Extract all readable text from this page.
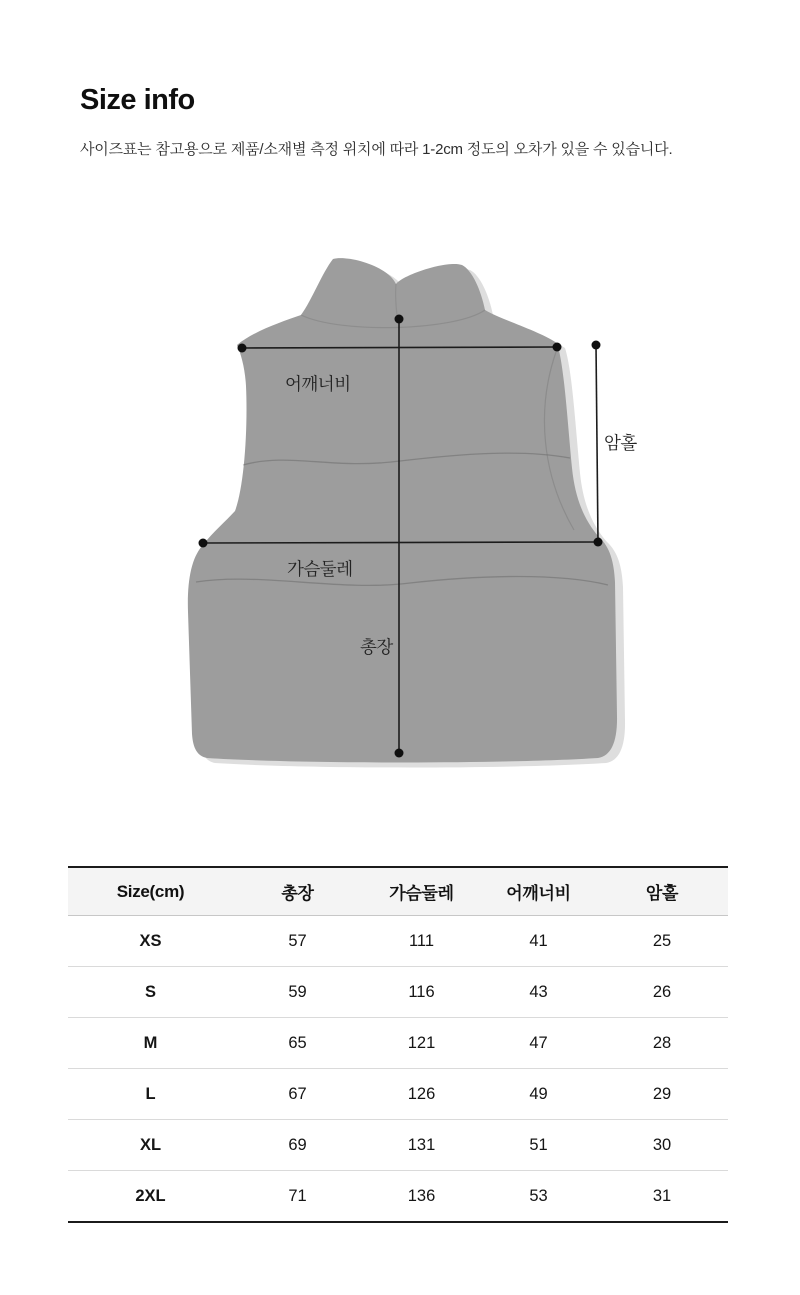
Size info

사이즈표는 참고용으로 제품/소재별 측정 위치에 따라 1-2cm 정도의 오차가 있을 수 있습니다.

어깨너비
가슴둘레
총장
암홀
Size(cm)	총장	가슴둘레	어깨너비	암홀
XS	57	111	41	25
S	59	116	43	26
M	65	121	47	28
L	67	126	49	29
XL	69	131	51	30
2XL	71	136	53	31
